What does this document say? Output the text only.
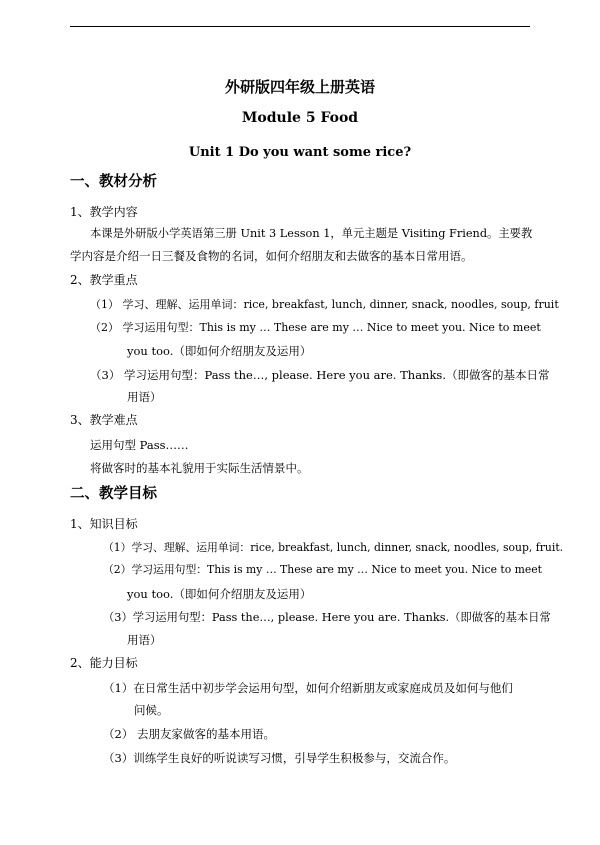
外研版四年级上册英语
Module 5 Food
Unit 1 Do you want some rice?
一、教材分析
1、教学内容
本课是外研版小学英语第三册 Unit 3 Lesson 1，单元主题是 Visiting Friend。主要教
学内容是介绍一日三餐及食物的名词，如何介绍朋友和去做客的基本日常用语。
2、教学重点
（1） 学习、理解、运用单词：rice, breakfast, lunch, dinner, snack, noodles, soup, fruit
（2） 学习运用句型：This is my … These are my … Nice to meet you. Nice to meet
you too.（即如何介绍朋友及运用）
（3） 学习运用句型：Pass the…, please. Here you are. Thanks.（即做客的基本日常
用语）
3、教学难点
运用句型 Pass……
将做客时的基本礼貌用于实际生活情景中。
二、教学目标
1、知识目标
（1）学习、理解、运用单词：rice, breakfast, lunch, dinner, snack, noodles, soup, fruit.
（2）学习运用句型：This is my … These are my … Nice to meet you. Nice to meet
you too.（即如何介绍朋友及运用）
（3）学习运用句型：Pass the…, please. Here you are. Thanks.（即做客的基本日常
用语）
2、能力目标
（1）在日常生活中初步学会运用句型，如何介绍新朋友或家庭成员及如何与他们
问候。
（2） 去朋友家做客的基本用语。
（3）训练学生良好的听说读写习惯，引导学生积极参与，交流合作。
